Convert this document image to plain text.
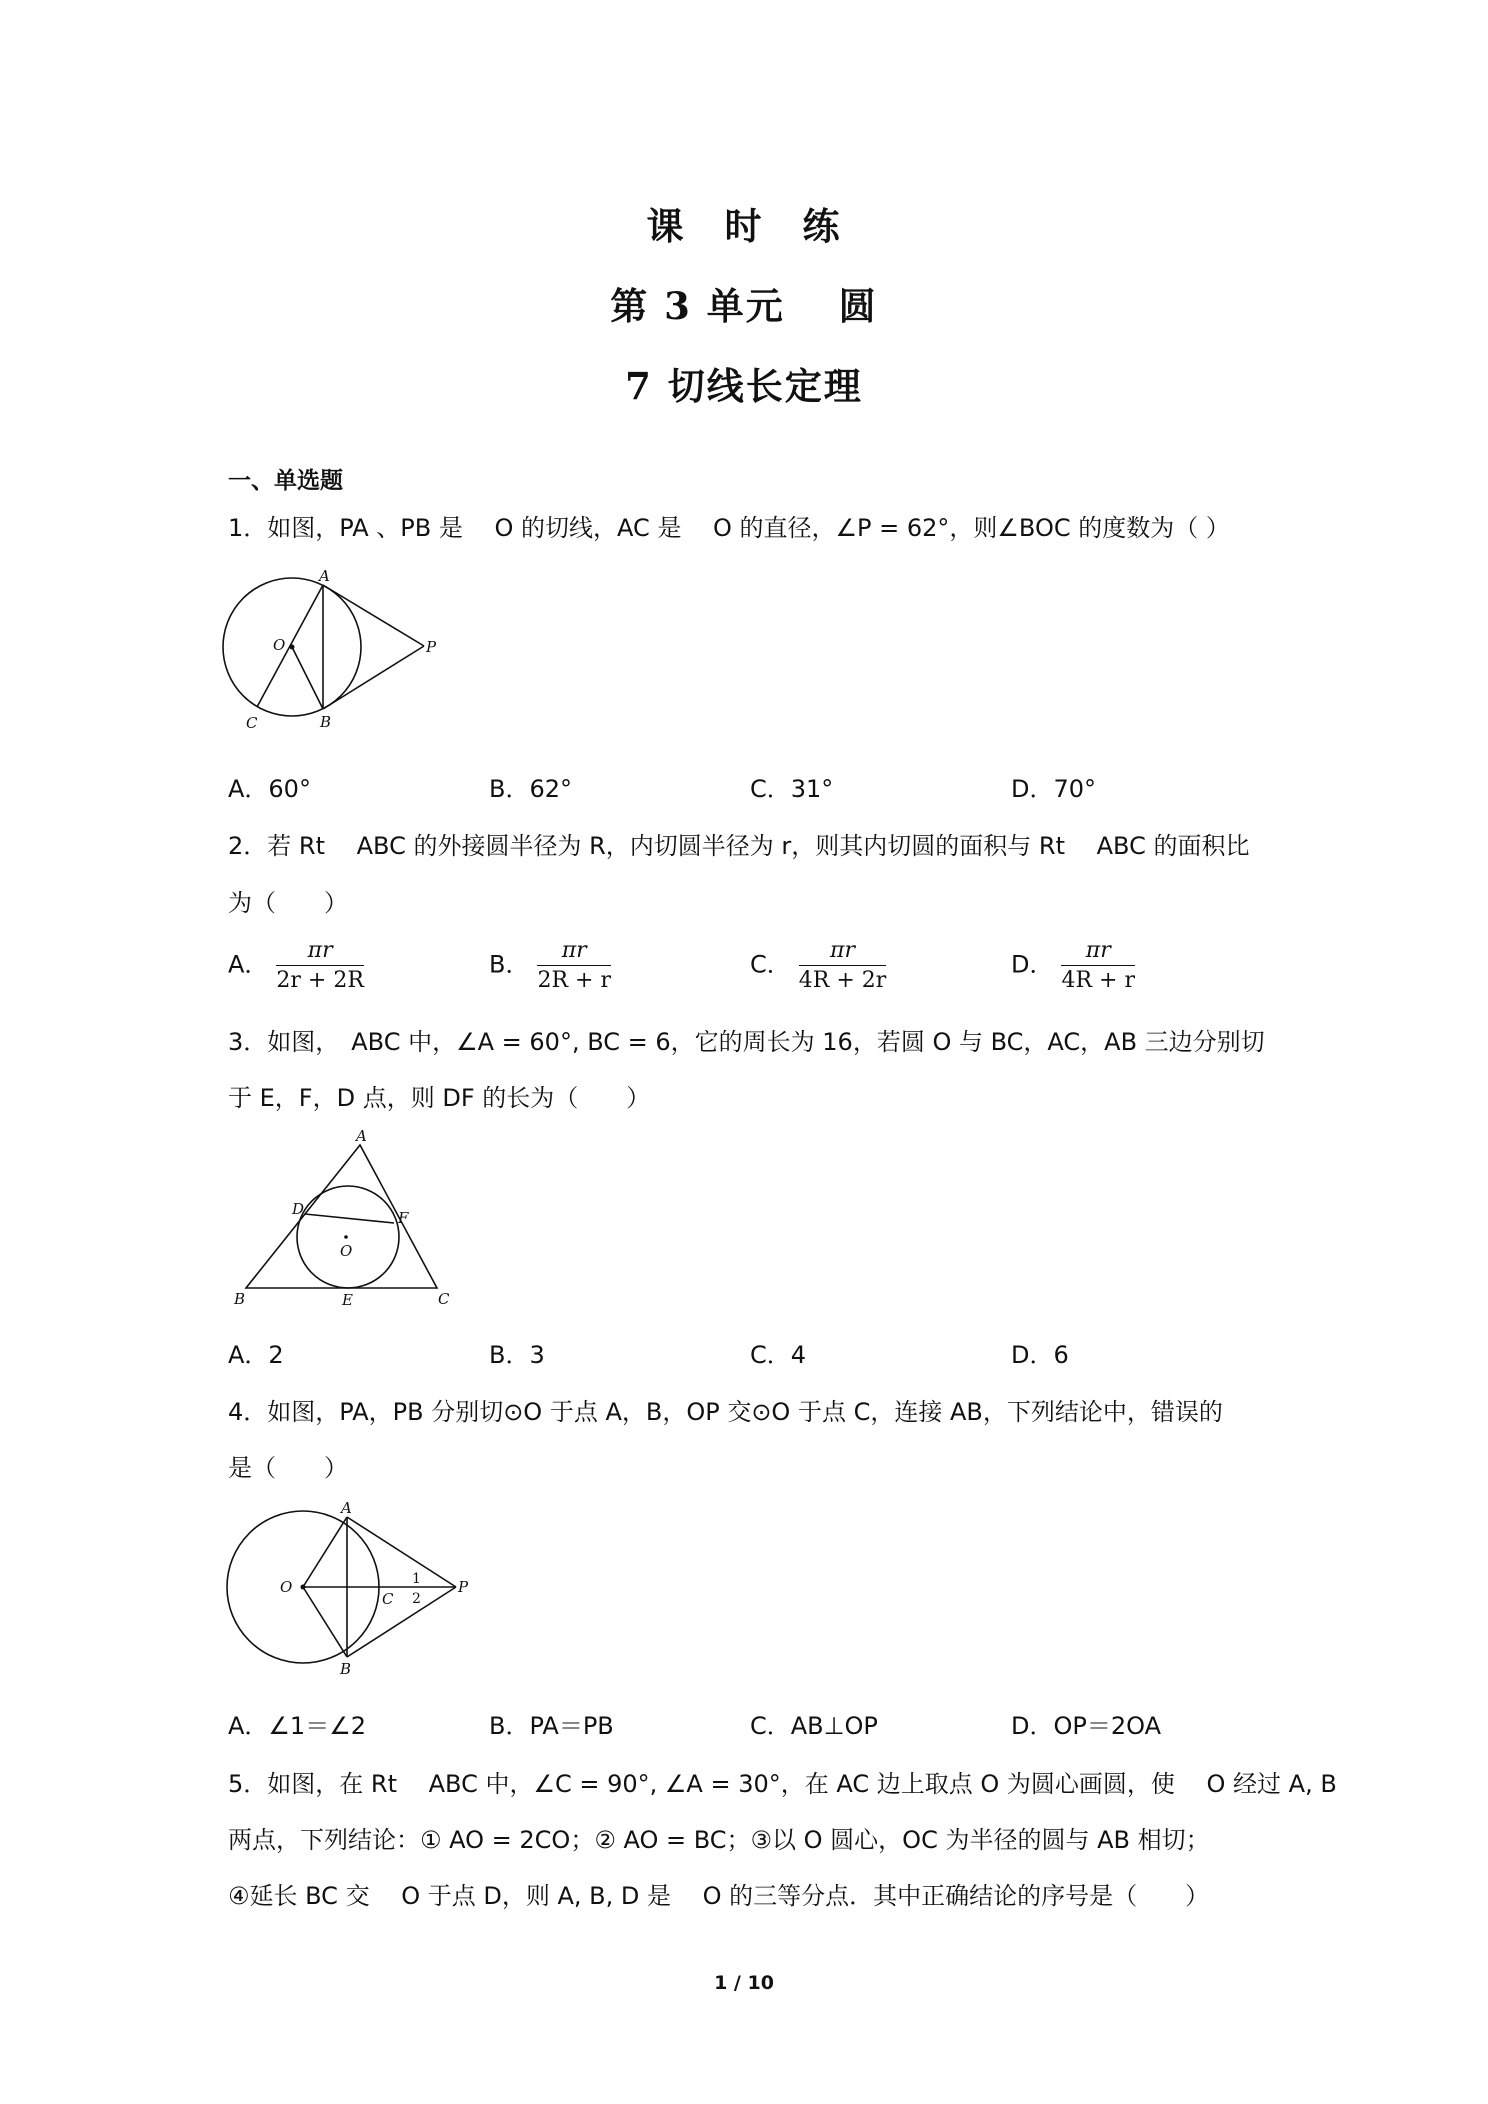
课　时　练
第 3 单元　 圆
7 切线长定理
一、单选题
1．如图，PA 、PB 是 　O 的切线，AC 是 　O 的直径，∠P = 62°，则∠BOC 的度数为（ ）
A
O	P
C	B
A．60°	B．62°	C．31°	D．70°
2．若 Rt 　ABC 的外接圆半径为 R，内切圆半径为 r，则其内切圆的面积与 Rt 　ABC 的面积比
为（　　）
A． $\frac{\pi r}{2r + 2R}$	B． $\frac{\pi r}{2R + r}$	C． $\frac{\pi r}{4R + 2r}$	D． $\frac{\pi r}{4R + r}$
3．如图，　ABC 中，∠A = 60°, BC = 6，它的周长为 16，若圆 O 与 BC，AC，AB 三边分别切
于 E，F，D 点，则 DF 的长为（　　）
A
D	F
O
B	E	C
A．2	B．3	C．4	D．6
4．如图，PA，PB 分别切⊙O 于点 A，B，OP 交⊙O 于点 C，连接 AB，下列结论中，错误的
是（　　）
A
O
C
1
2
P
B
A．∠1＝∠2	B．PA＝PB	C．AB⊥OP	D．OP＝2OA
5．如图，在 Rt 　ABC 中，∠C = 90°, ∠A = 30°，在 AC 边上取点 O 为圆心画圆，使 　O 经过 A, B
两点，下列结论：① AO = 2CO；② AO = BC；③以 O 圆心，OC 为半径的圆与 AB 相切；
④延长 BC 交 　O 于点 D，则 A, B, D 是 　O 的三等分点．其中正确结论的序号是（　　）
1 / 10
